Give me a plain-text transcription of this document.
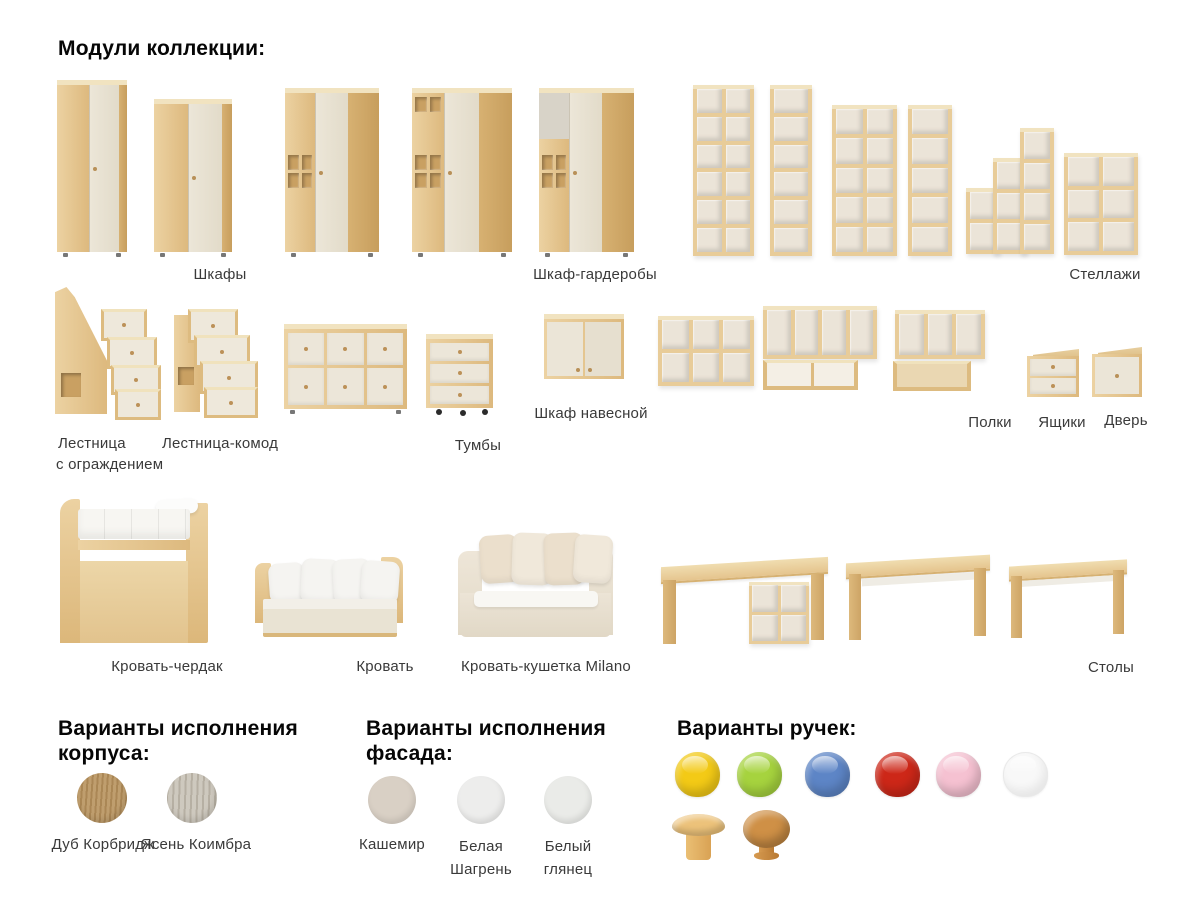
Модули коллекции:
Шкафы	Шкаф-гардеробы	Стеллажи
Лестница
с ограждением
Лестница-комод	Тумбы
Шкаф навесной
Полки	Ящики	Дверь
Кровать-чердак	Кровать	Кровать-кушетка Milano	Столы
Варианты исполнения
корпуса:
Дуб Корбридж
Ясень Коимбра
Варианты исполнения
фасада:
Кашемир	Белая Шагрень
Белый глянец
Варианты ручек:
